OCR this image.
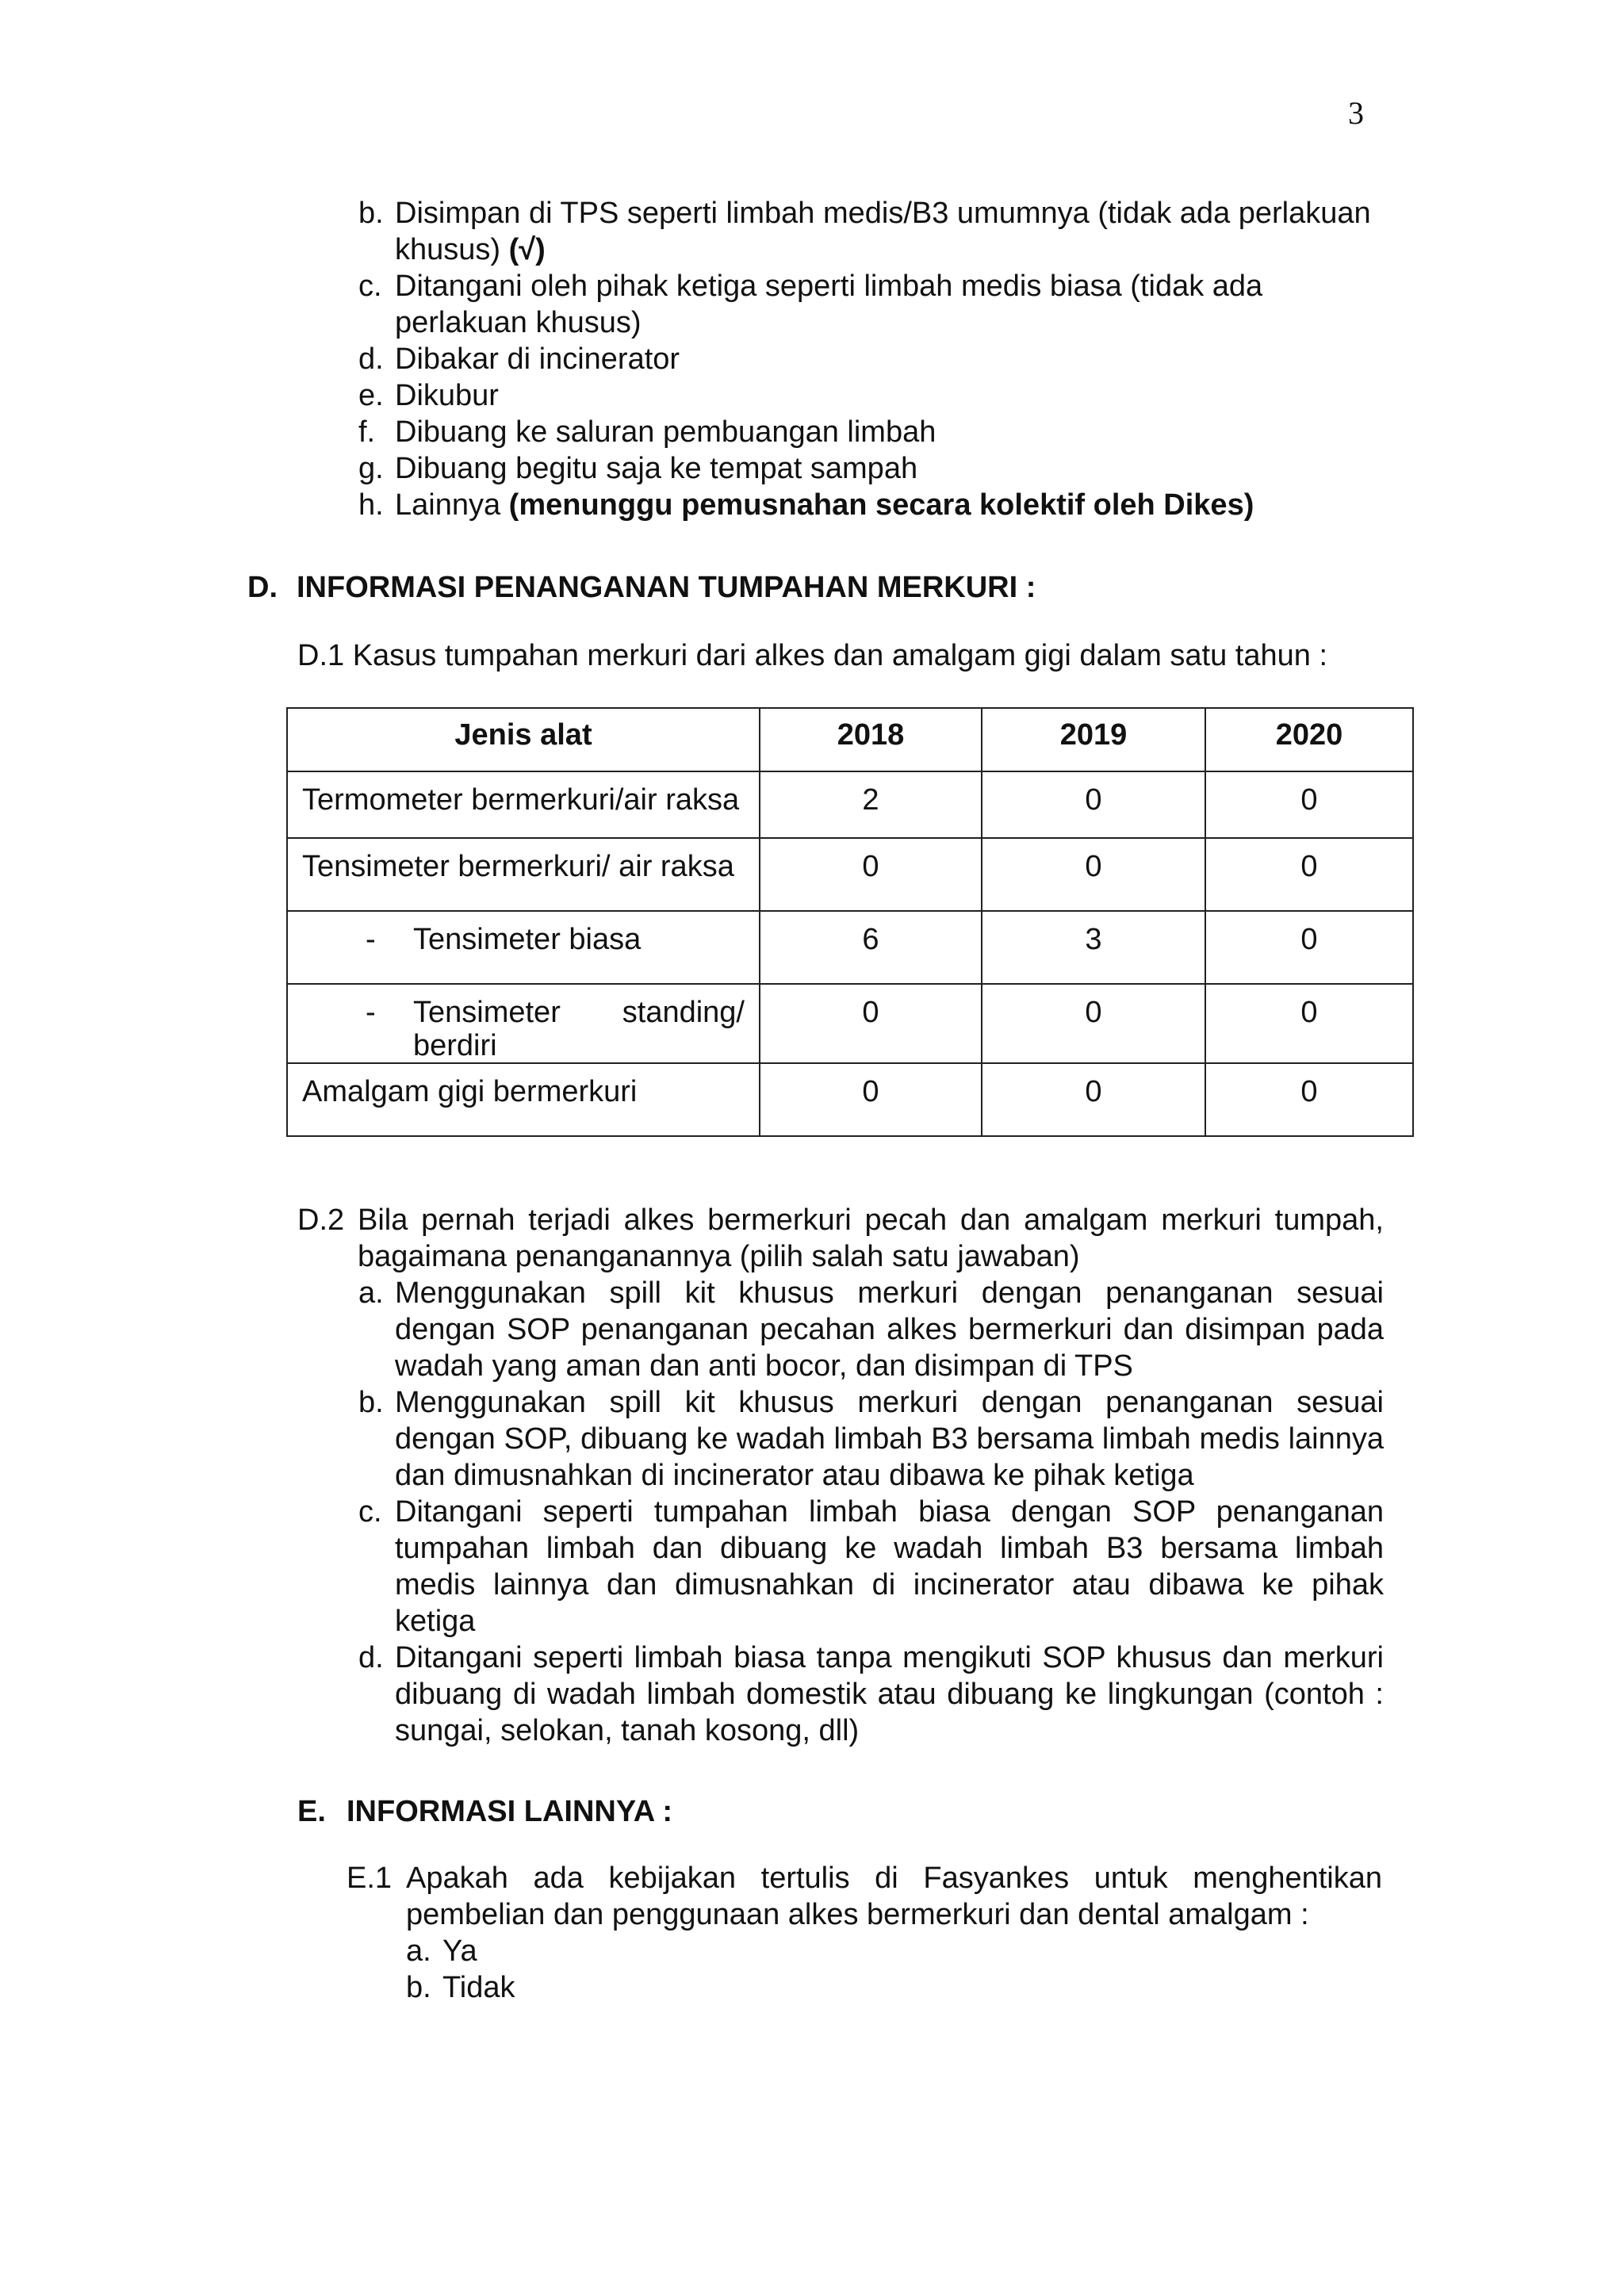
3
b. Disimpan di TPS seperti limbah medis/B3 umumnya (tidak ada perlakuan khusus) (√)
c. Ditangani oleh pihak ketiga seperti limbah medis biasa (tidak ada perlakuan khusus)
d. Dibakar di incinerator
e. Dikubur
f. Dibuang ke saluran pembuangan limbah
g. Dibuang begitu saja ke tempat sampah
h. Lainnya (menunggu pemusnahan secara kolektif oleh Dikes)
D. INFORMASI PENANGANAN TUMPAHAN MERKURI :
D.1 Kasus tumpahan merkuri dari alkes dan amalgam gigi dalam satu tahun :
Jenis alat	2018	2019	2020
Termometer bermerkuri/air raksa	2	0	0
Tensimeter bermerkuri/ air raksa	0	0	0

- Tensimeter biasa	6	3	0

- Tensimeter standing/
berdiri	0	0	0
Amalgam gigi bermerkuri	0	0	0
D.2 Bila pernah terjadi alkes bermerkuri pecah dan amalgam merkuri tumpah, bagaimana penanganannya (pilih salah satu jawaban)
a. Menggunakan spill kit khusus merkuri dengan penanganan sesuai dengan SOP penanganan pecahan alkes bermerkuri dan disimpan pada wadah yang aman dan anti bocor, dan disimpan di TPS
b. Menggunakan spill kit khusus merkuri dengan penanganan sesuai dengan SOP, dibuang ke wadah limbah B3 bersama limbah medis lainnya dan dimusnahkan di incinerator atau dibawa ke pihak ketiga
c. Ditangani seperti tumpahan limbah biasa dengan SOP penanganan tumpahan limbah dan dibuang ke wadah limbah B3 bersama limbah medis lainnya dan dimusnahkan di incinerator atau dibawa ke pihak ketiga
d. Ditangani seperti limbah biasa tanpa mengikuti SOP khusus dan merkuri dibuang di wadah limbah domestik atau dibuang ke lingkungan (contoh : sungai, selokan, tanah kosong, dll)
E. INFORMASI LAINNYA :
E.1 Apakah ada kebijakan tertulis di Fasyankes untuk menghentikan pembelian dan penggunaan alkes bermerkuri dan dental amalgam :
a. Ya
b. Tidak
